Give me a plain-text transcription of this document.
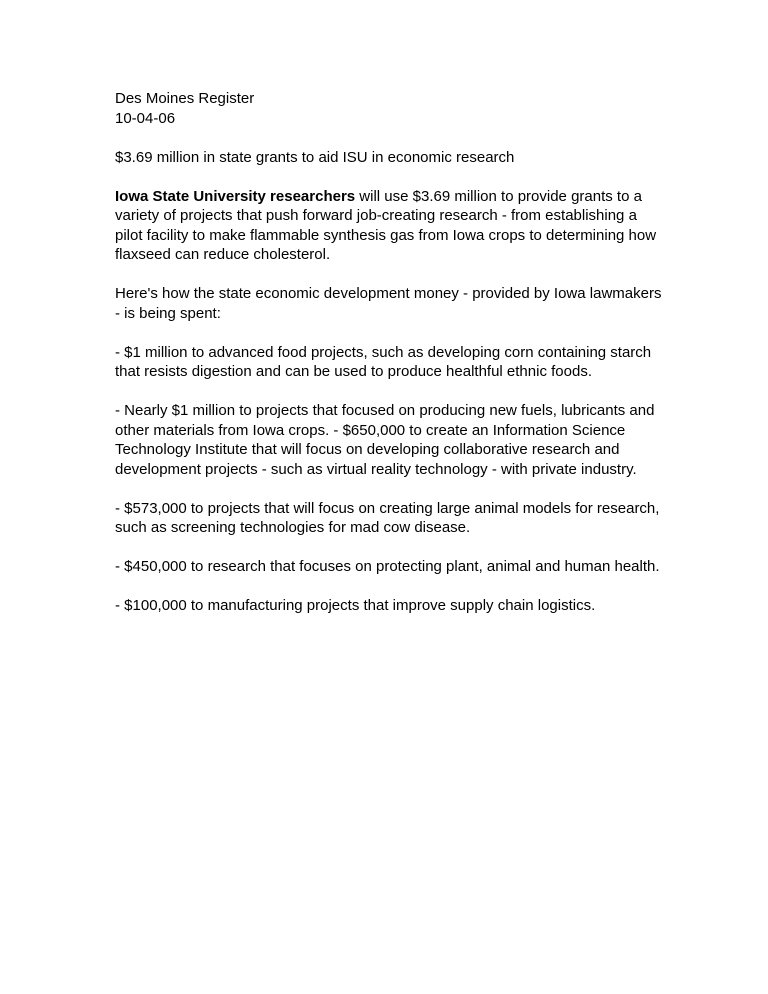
Des Moines Register

10-04-06

$3.69 million in state grants to aid ISU in economic research

Iowa State University researchers will use $3.69 million to provide grants to a variety of projects that push forward job-creating research - from establishing a pilot facility to make flammable synthesis gas from Iowa crops to determining how flaxseed can reduce cholesterol.

Here's how the state economic development money - provided by Iowa lawmakers - is being spent:

- $1 million to advanced food projects, such as developing corn containing starch that resists digestion and can be used to produce healthful ethnic foods.

- Nearly $1 million to projects that focused on producing new fuels, lubricants and other materials from Iowa crops. - $650,000 to create an Information Science Technology Institute that will focus on developing collaborative research and development projects - such as virtual reality technology - with private industry.

- $573,000 to projects that will focus on creating large animal models for research, such as screening technologies for mad cow disease.

- $450,000 to research that focuses on protecting plant, animal and human health.

- $100,000 to manufacturing projects that improve supply chain logistics.
